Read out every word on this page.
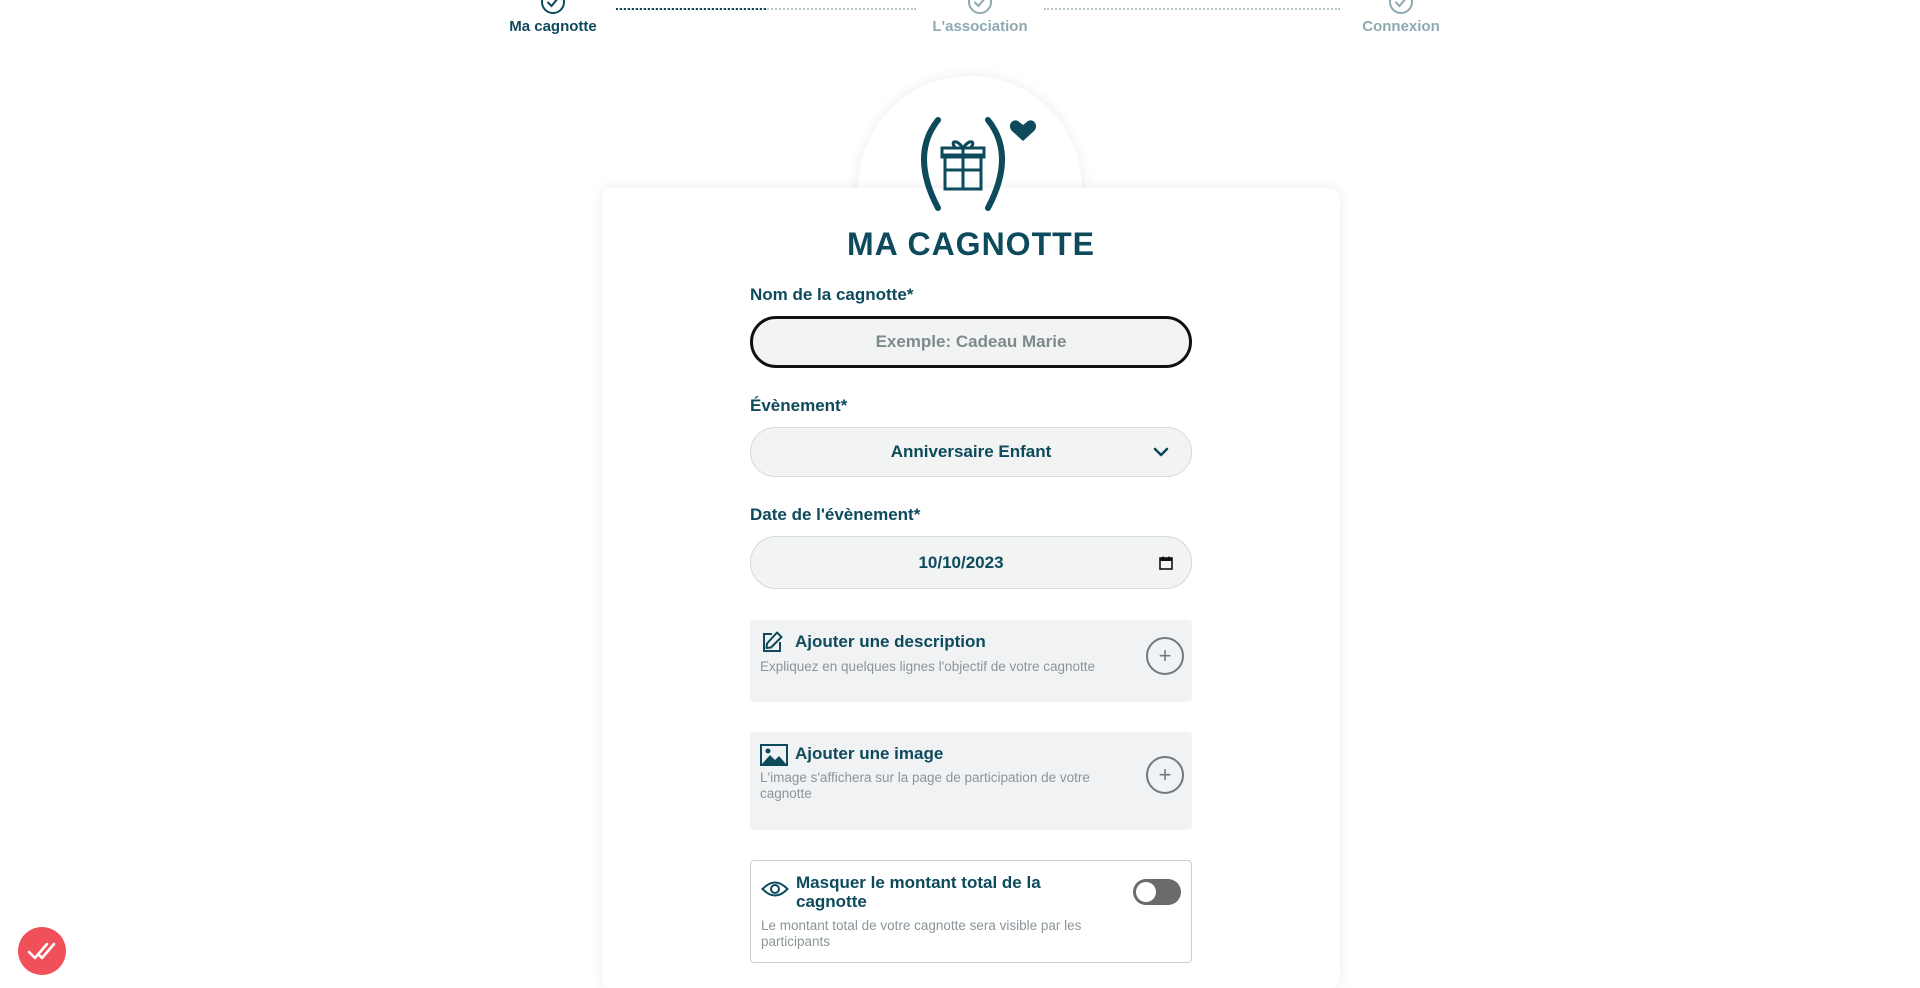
Ma cagnotte	L'association	Connexion
MA CAGNOTTE
Nom de la cagnotte*
Exemple: Cadeau Marie
Évènement*
Anniversaire Enfant
Date de l'évènement*
10/10/2023
Ajouter une description
Expliquez en quelques lignes l'objectif de votre cagnotte	+
Ajouter une image
L'image s'affichera sur la page de participation de votre cagnotte
+
Masquer le montant total de la cagnotte
Le montant total de votre cagnotte sera visible par les participants
